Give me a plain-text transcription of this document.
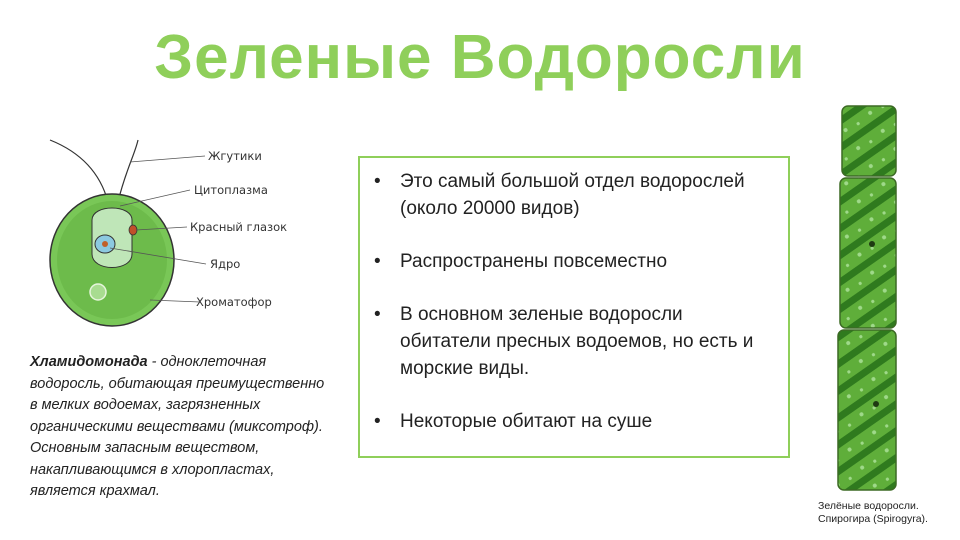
Зеленые Водоросли
Жгутики
Цитоплазма
Красный глазок
Ядро
Хроматофор
Хламидомонада - одноклеточная водоросль, обитающая преимущественно в мелких водоемах, загрязненных органическими веществами (миксотроф). Основным запасным веществом, накапливающимся в хлоропластах, является крахмал.
• Это самый большой отдел водорослей (около 20000 видов)
• Распространены повсеместно
• В основном зеленые водоросли обитатели пресных водоемов, но есть и морские виды.
• Некоторые обитают на суше
Зелёные водоросли.
Спирогира (Spirogyra).
